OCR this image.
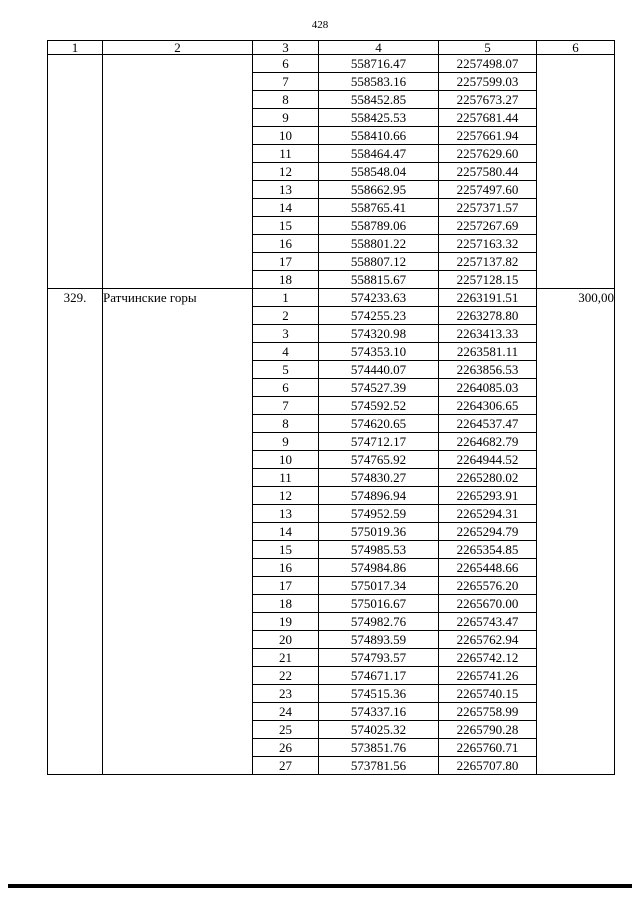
428
1	2	3	4	5	6
		6	558716.47	2257498.07	
		7	558583.16	2257599.03	
		8	558452.85	2257673.27	
		9	558425.53	2257681.44	
		10	558410.66	2257661.94	
		11	558464.47	2257629.60	
		12	558548.04	2257580.44	
		13	558662.95	2257497.60	
		14	558765.41	2257371.57	
		15	558789.06	2257267.69	
		16	558801.22	2257163.32	
		17	558807.12	2257137.82	
		18	558815.67	2257128.15	
329.	Ратчинские горы	1	574233.63	2263191.51	300,00
		2	574255.23	2263278.80	
		3	574320.98	2263413.33	
		4	574353.10	2263581.11	
		5	574440.07	2263856.53	
		6	574527.39	2264085.03	
		7	574592.52	2264306.65	
		8	574620.65	2264537.47	
		9	574712.17	2264682.79	
		10	574765.92	2264944.52	
		11	574830.27	2265280.02	
		12	574896.94	2265293.91	
		13	574952.59	2265294.31	
		14	575019.36	2265294.79	
		15	574985.53	2265354.85	
		16	574984.86	2265448.66	
		17	575017.34	2265576.20	
		18	575016.67	2265670.00	
		19	574982.76	2265743.47	
		20	574893.59	2265762.94	
		21	574793.57	2265742.12	
		22	574671.17	2265741.26	
		23	574515.36	2265740.15	
		24	574337.16	2265758.99	
		25	574025.32	2265790.28	
		26	573851.76	2265760.71	
		27	573781.56	2265707.80	
